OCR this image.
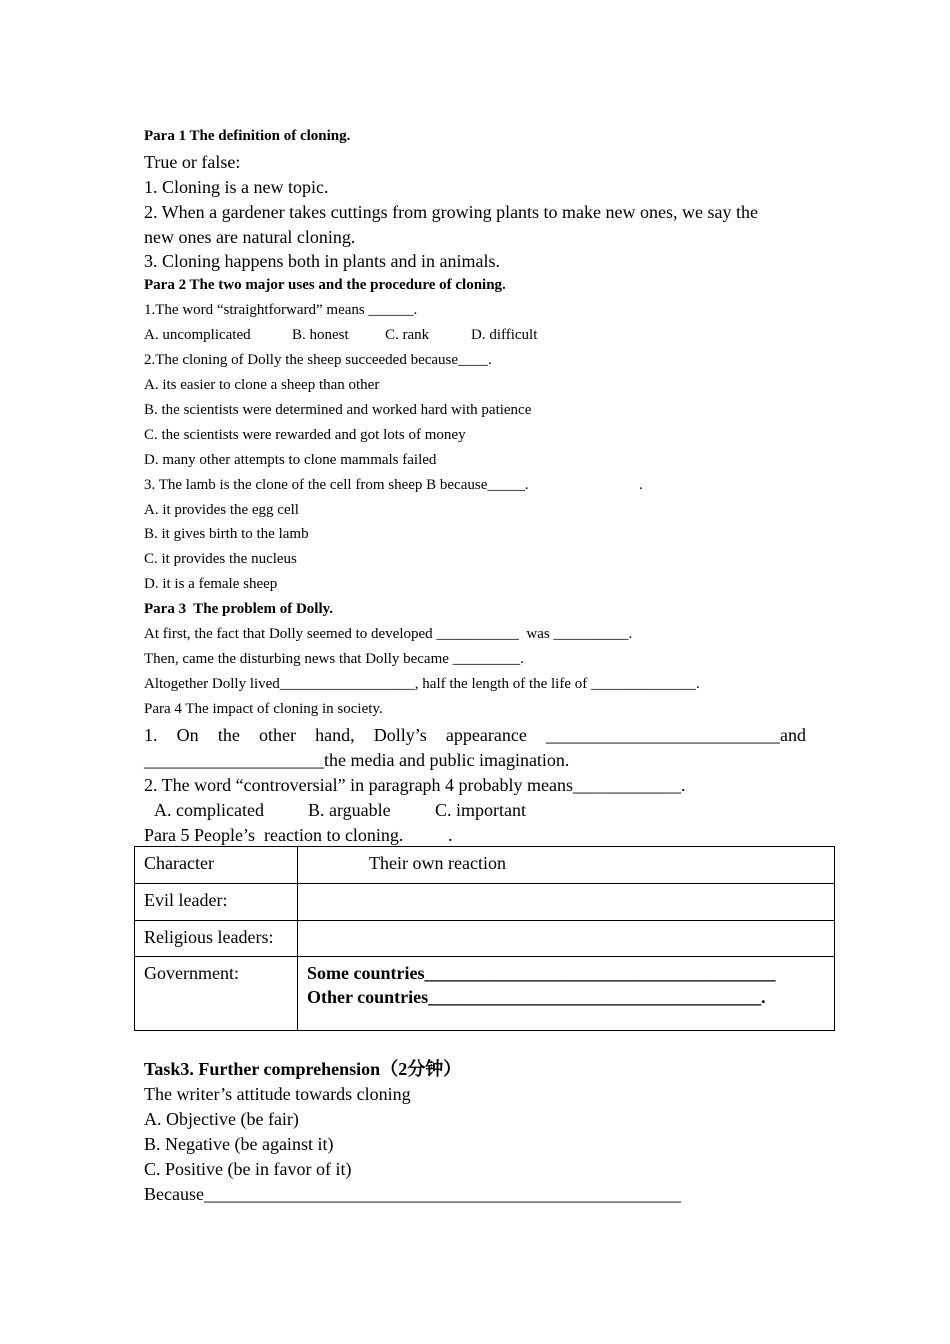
Para 1 The definition of cloning.
True or false:
1. Cloning is a new topic.
2. When a gardener takes cuttings from growing plants to make new ones, we say the
new ones are natural cloning.
3. Cloning happens both in plants and in animals.
Para 2 The two major uses and the procedure of cloning.
1.The word “straightforward” means ______.
A. uncomplicated	B. honest C. rank	D. difficult
2.The cloning of Dolly the sheep succeeded because____.
A. its easier to clone a sheep than other
B. the scientists were determined and worked hard with patience
C. the scientists were rewarded and got lots of money
D. many other attempts to clone mammals failed
3. The lamb is the clone of the cell from sheep B because_____.	.
A. it provides the egg cell
B. it gives birth to the lamb
C. it provides the nucleus
D. it is a female sheep
Para 3  The problem of Dolly.
At first, the fact that Dolly seemed to developed ___________  was __________.
Then, came the disturbing news that Dolly became _________.
Altogether Dolly lived__________________, half the length of the life of ______________.
Para 4 The impact of cloning in society.
1. On the other hand, Dolly’s appearance __________________________and
____________________the media and public imagination.
2. The word “controversial” in paragraph 4 probably means____________.
A. complicated B. arguable C. important
Para 5 People’s  reaction to cloning. .
Character	Their own reaction
Evil leader:	
Religious leaders:	
Government:	Some countries_______________________________________
Other countries_____________________________________.
Task3. Further comprehension（2分钟）
The writer’s attitude towards cloning
A. Objective (be fair)
B. Negative (be against it)
C. Positive (be in favor of it)
Because_____________________________________________________
